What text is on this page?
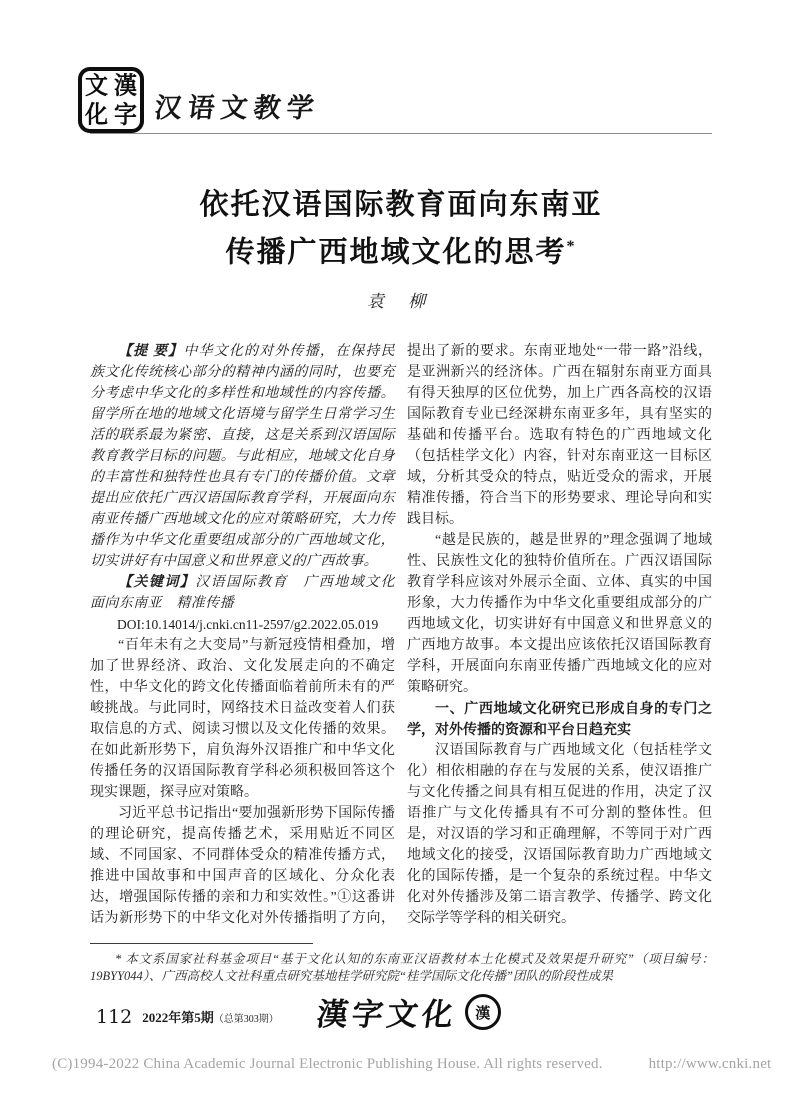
漢
字
文
化 汉语文教学
依托汉语国际教育面向东南亚
传播广西地域文化的思考*
袁 柳

【提 要】中华文化的对外传播，在保持民族文化传统核心部分的精神内涵的同时，也要充分考虑中华文化的多样性和地域性的内容传播。留学所在地的地域文化语境与留学生日常学习生活的联系最为紧密、直接，这是关系到汉语国际教育教学目标的问题。与此相应，地域文化自身的丰富性和独特性也具有专门的传播价值。文章提出应依托广西汉语国际教育学科，开展面向东南亚传播广西地域文化的应对策略研究，大力传播作为中华文化重要组成部分的广西地域文化，切实讲好有中国意义和世界意义的广西故事。

【关键词】汉语国际教育　广西地域文化　面向东南亚　精准传播

DOI:10.14014/j.cnki.cn11-2597/g2.2022.05.019

“百年未有之大变局”与新冠疫情相叠加，增加了世界经济、政治、文化发展走向的不确定性，中华文化的跨文化传播面临着前所未有的严峻挑战。与此同时，网络技术日益改变着人们获取信息的方式、阅读习惯以及文化传播的效果。在如此新形势下，肩负海外汉语推广和中华文化传播任务的汉语国际教育学科必须积极回答这个现实课题，探寻应对策略。

习近平总书记指出“要加强新形势下国际传播的理论研究，提高传播艺术，采用贴近不同区域、不同国家、不同群体受众的精准传播方式，推进中国故事和中国声音的区域化、分众化表达，增强国际传播的亲和力和实效性。”①这番讲话为新形势下的中华文化对外传播指明了方向，提出了新的要求。东南亚地处“一带一路”沿线，是亚洲新兴的经济体。广西在辐射东南亚方面具有得天独厚的区位优势，加上广西各高校的汉语国际教育专业已经深耕东南亚多年，具有坚实的基础和传播平台。选取有特色的广西地域文化（包括桂学文化）内容，针对东南亚这一目标区域，分析其受众的特点，贴近受众的需求，开展精准传播，符合当下的形势要求、理论导向和实践目标。

“越是民族的，越是世界的”理念强调了地域性、民族性文化的独特价值所在。广西汉语国际教育学科应该对外展示全面、立体、真实的中国形象，大力传播作为中华文化重要组成部分的广西地域文化，切实讲好有中国意义和世界意义的广西地方故事。本文提出应该依托汉语国际教育学科，开展面向东南亚传播广西地域文化的应对策略研究。

一、广西地域文化研究已形成自身的专门之学，对外传播的资源和平台日趋充实

汉语国际教育与广西地域文化（包括桂学文化）相依相融的存在与发展的关系，使汉语推广与文化传播之间具有相互促进的作用，决定了汉语推广与文化传播具有不可分割的整体性。但是，对汉语的学习和正确理解，不等同于对广西地域文化的接受，汉语国际教育助力广西地域文化的国际传播，是一个复杂的系统过程。中华文化对外传播涉及第二语言教学、传播学、跨文化交际学等学科的相关研究。

* 本文系国家社科基金项目“基于文化认知的东南亚汉语教材本土化模式及效果提升研究”（项目编号：19BYY044）、广西高校人文社科重点研究基地桂学研究院“桂学国际文化传播”团队的阶段性成果
112 2022年第5期（总第303期） 漢字文化	漢
(C)1994-2022 China Academic Journal Electronic Publishing House. All rights reserved.	http://www.cnki.net
